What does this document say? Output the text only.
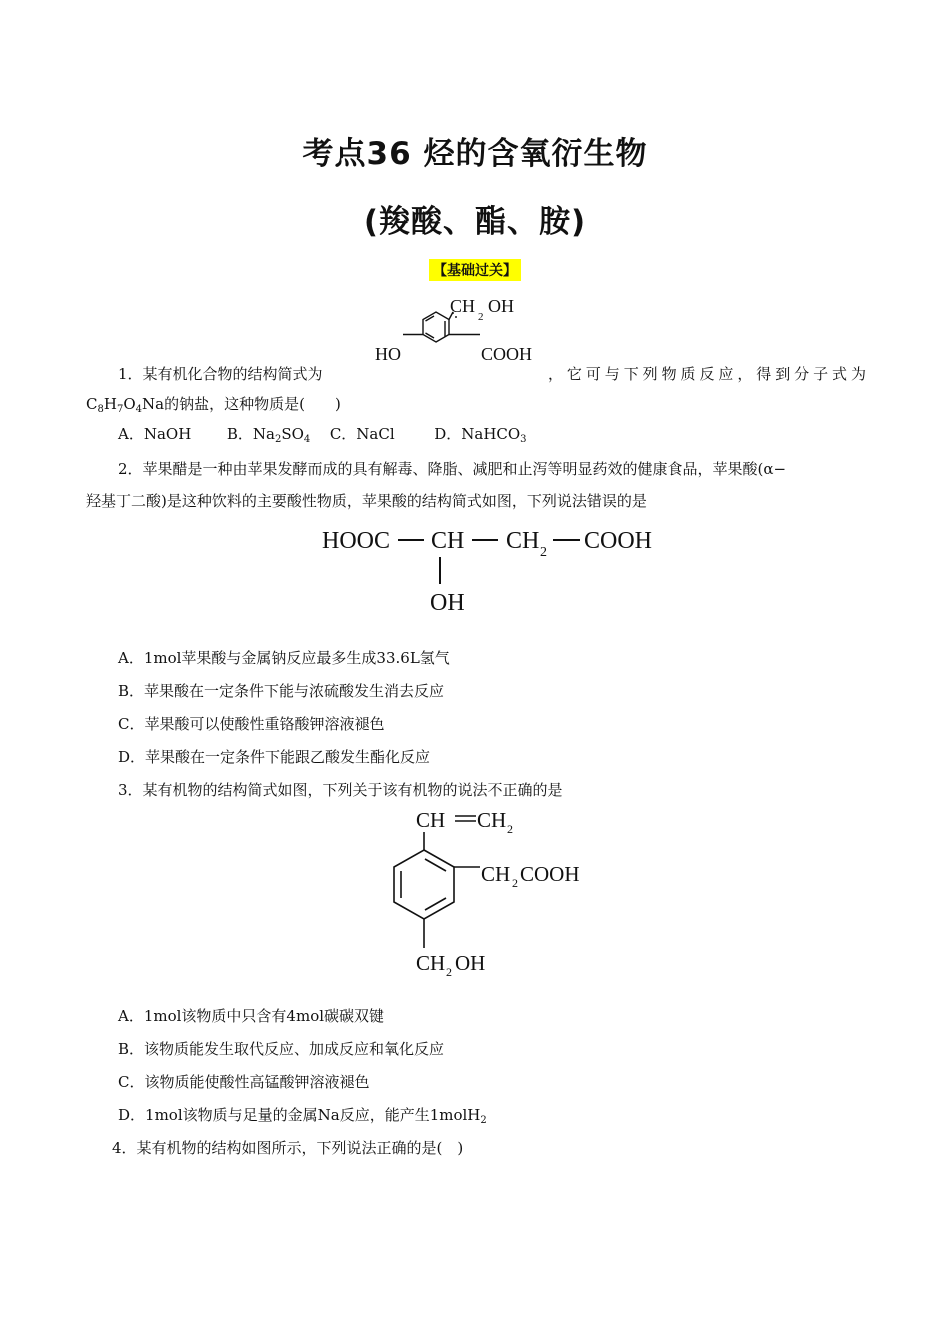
考点36 烃的含氧衍生物
(羧酸、酯、胺)
【基础过关】
HO	COOH
CH
2
OH
1．某有机化合物的结构简式为	，它可与下列物质反应，得到分子式为
$C_8H_7O_4Na$的钠盐，这种物质是(　　)
A．NaOH B．$Na_2SO_4$ C．NaCl	D．NaHCO$_3$
2．苹果醋是一种由苹果发酵而成的具有解毒、降脂、减肥和止泻等明显药效的健康食品，苹果酸(α−
羟基丁二酸)是这种饮料的主要酸性物质，苹果酸的结构简式如图，下列说法错误的是
HOOC CH CH 2 COOH
OH
A．1mol苹果酸与金属钠反应最多生成33.6L氢气
B．苹果酸在一定条件下能与浓硫酸发生消去反应
C．苹果酸可以使酸性重铬酸钾溶液褪色
D．苹果酸在一定条件下能跟乙酸发生酯化反应
3．某有机物的结构简式如图，下列关于该有机物的说法不正确的是
CH CH 2
CH 2 COOH
CH 2 OH
A．1mol该物质中只含有4mol碳碳双键
B．该物质能发生取代反应、加成反应和氧化反应
C．该物质能使酸性高锰酸钾溶液褪色
D．1mol该物质与足量的金属Na反应，能产生1molH$_2$
4．某有机物的结构如图所示，下列说法正确的是(　)
